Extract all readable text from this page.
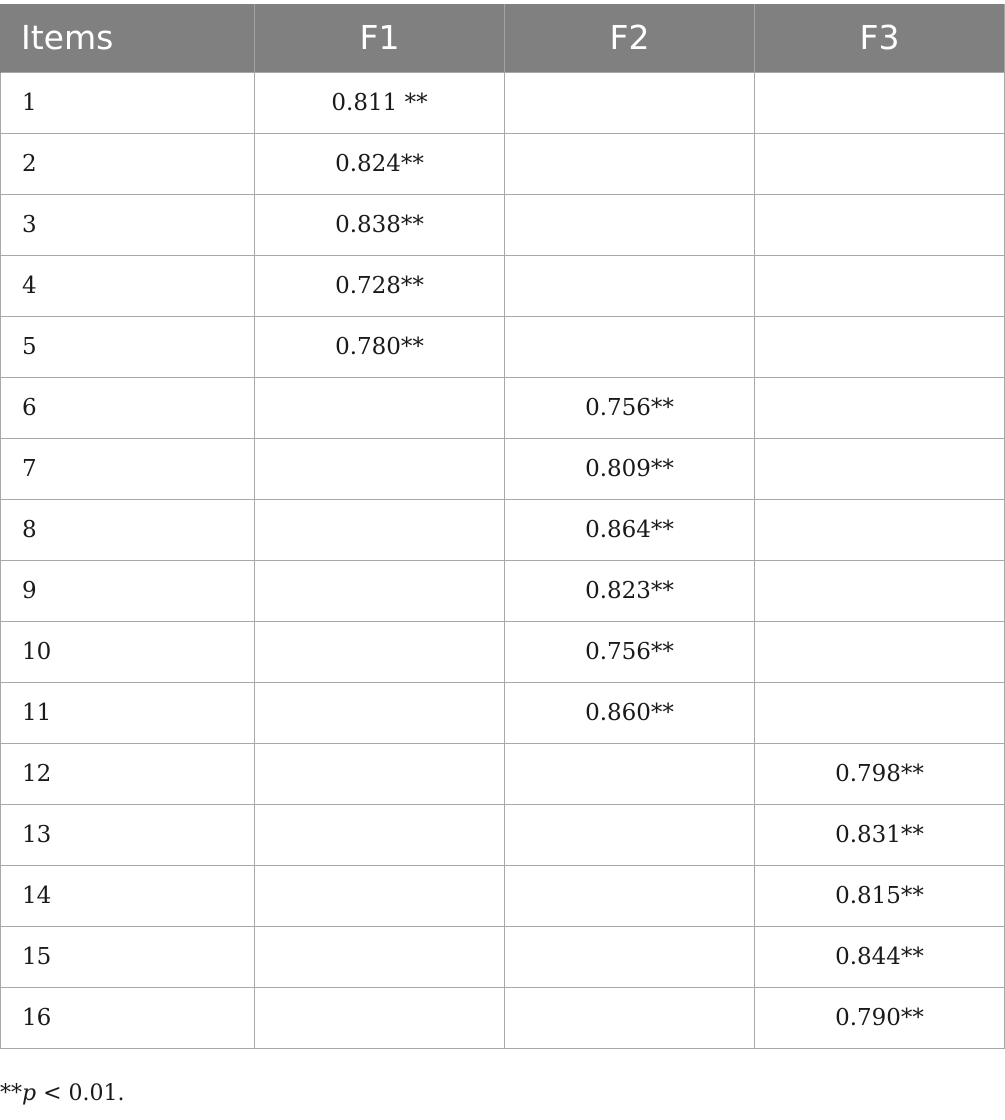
Items	F1	F2	F3
1	0.811 **		
2	0.824**		
3	0.838**		
4	0.728**		
5	0.780**		
6		0.756**	
7		0.809**	
8		0.864**	
9		0.823**	
10		0.756**	
11		0.860**	
12			0.798**
13			0.831**
14			0.815**
15			0.844**
16			0.790**
**p < 0.01.
